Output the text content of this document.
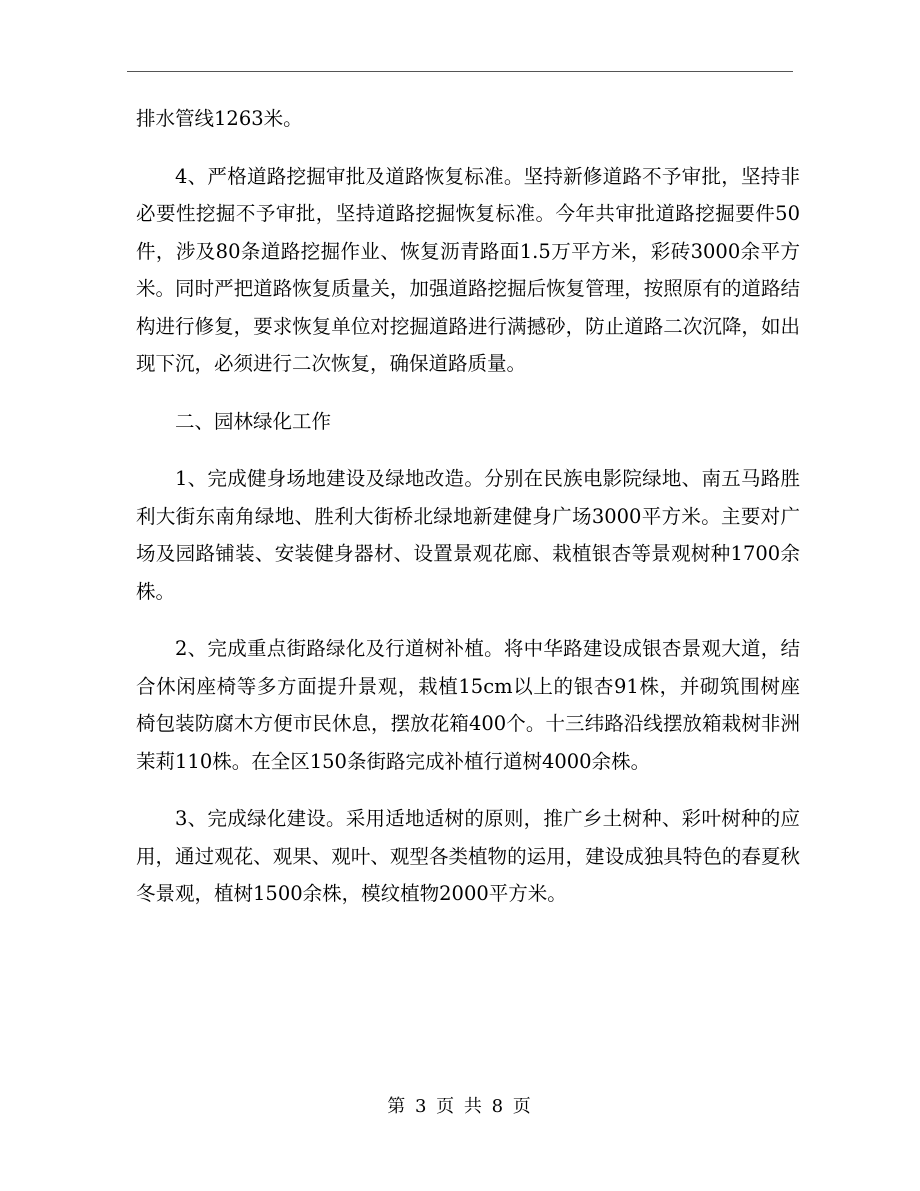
排水管线1263米。

4、严格道路挖掘审批及道路恢复标准。坚持新修道路不予审批，坚持非必要性挖掘不予审批，坚持道路挖掘恢复标准。今年共审批道路挖掘要件50件，涉及80条道路挖掘作业、恢复沥青路面1.5万平方米，彩砖3000余平方米。同时严把道路恢复质量关，加强道路挖掘后恢复管理，按照原有的道路结构进行修复，要求恢复单位对挖掘道路进行满撼砂，防止道路二次沉降，如出现下沉，必须进行二次恢复，确保道路质量。

二、园林绿化工作

1、完成健身场地建设及绿地改造。分别在民族电影院绿地、南五马路胜利大街东南角绿地、胜利大街桥北绿地新建健身广场3000平方米。主要对广场及园路铺装、安装健身器材、设置景观花廊、栽植银杏等景观树种1700余株。

2、完成重点街路绿化及行道树补植。将中华路建设成银杏景观大道，结合休闲座椅等多方面提升景观，栽植15cm以上的银杏91株，并砌筑围树座椅包装防腐木方便市民休息，摆放花箱400个。十三纬路沿线摆放箱栽树非洲茉莉110株。在全区150条街路完成补植行道树4000余株。

3、完成绿化建设。采用适地适树的原则，推广乡土树种、彩叶树种的应用，通过观花、观果、观叶、观型各类植物的运用，建设成独具特色的春夏秋冬景观，植树1500余株，模纹植物2000平方米。

第 3 页 共 8 页
